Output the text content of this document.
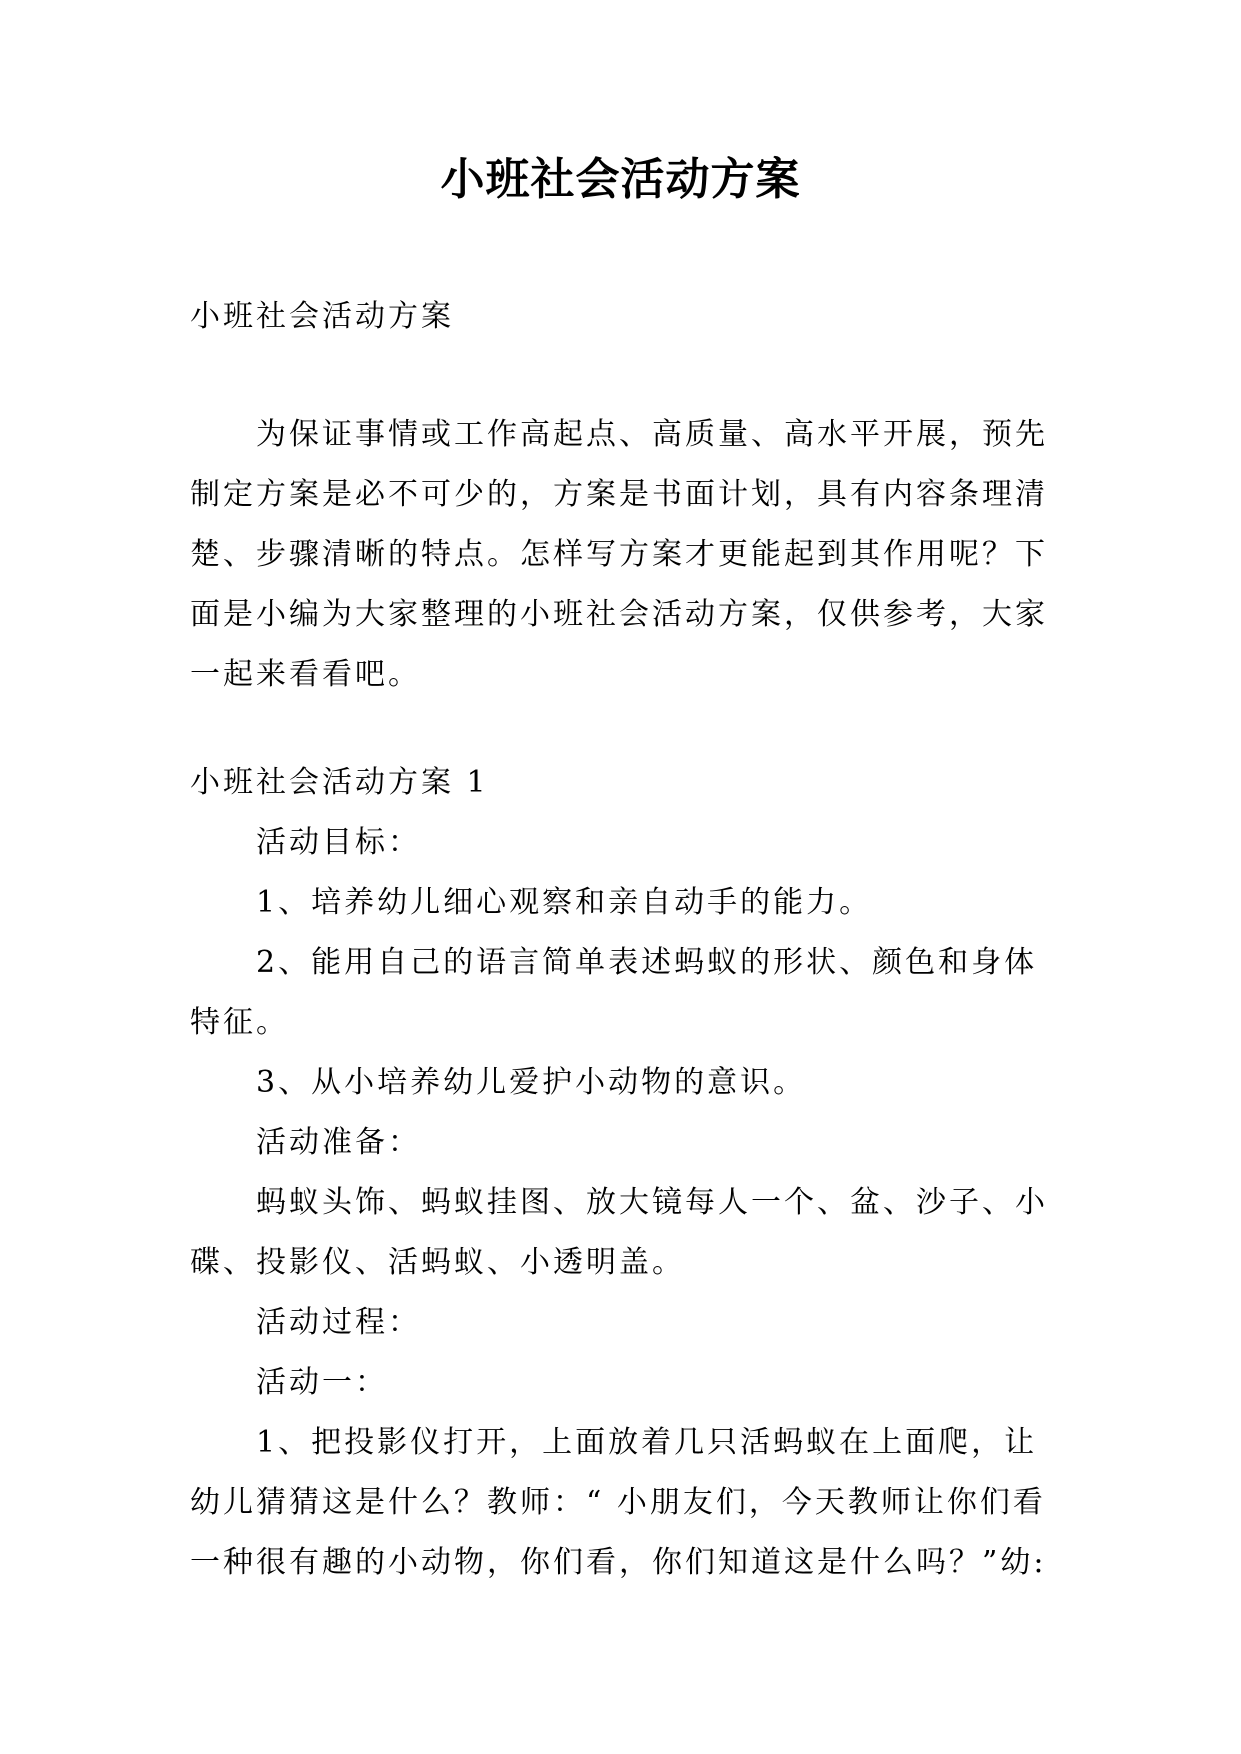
小班社会活动方案
小班社会活动方案

为保证事情或工作高起点、高质量、高水平开展，预先制定方案是必不可少的，方案是书面计划，具有内容条理清楚、步骤清晰的特点。怎样写方案才更能起到其作用呢？下面是小编为大家整理的小班社会活动方案，仅供参考，大家一起来看看吧。

小班社会活动方案 1

活动目标：

1、培养幼儿细心观察和亲自动手的能力。

2、能用自己的语言简单表述蚂蚁的形状、颜色和身体特征。

3、从小培养幼儿爱护小动物的意识。

活动准备：

蚂蚁头饰、蚂蚁挂图、放大镜每人一个、盆、沙子、小碟、投影仪、活蚂蚁、小透明盖。

活动过程：

活动一：

1、把投影仪打开，上面放着几只活蚂蚁在上面爬，让幼儿猜猜这是什么？教师：“ 小朋友们，今天教师让你们看一种很有趣的小动物，你们看，你们知道这是什么吗？”幼:
